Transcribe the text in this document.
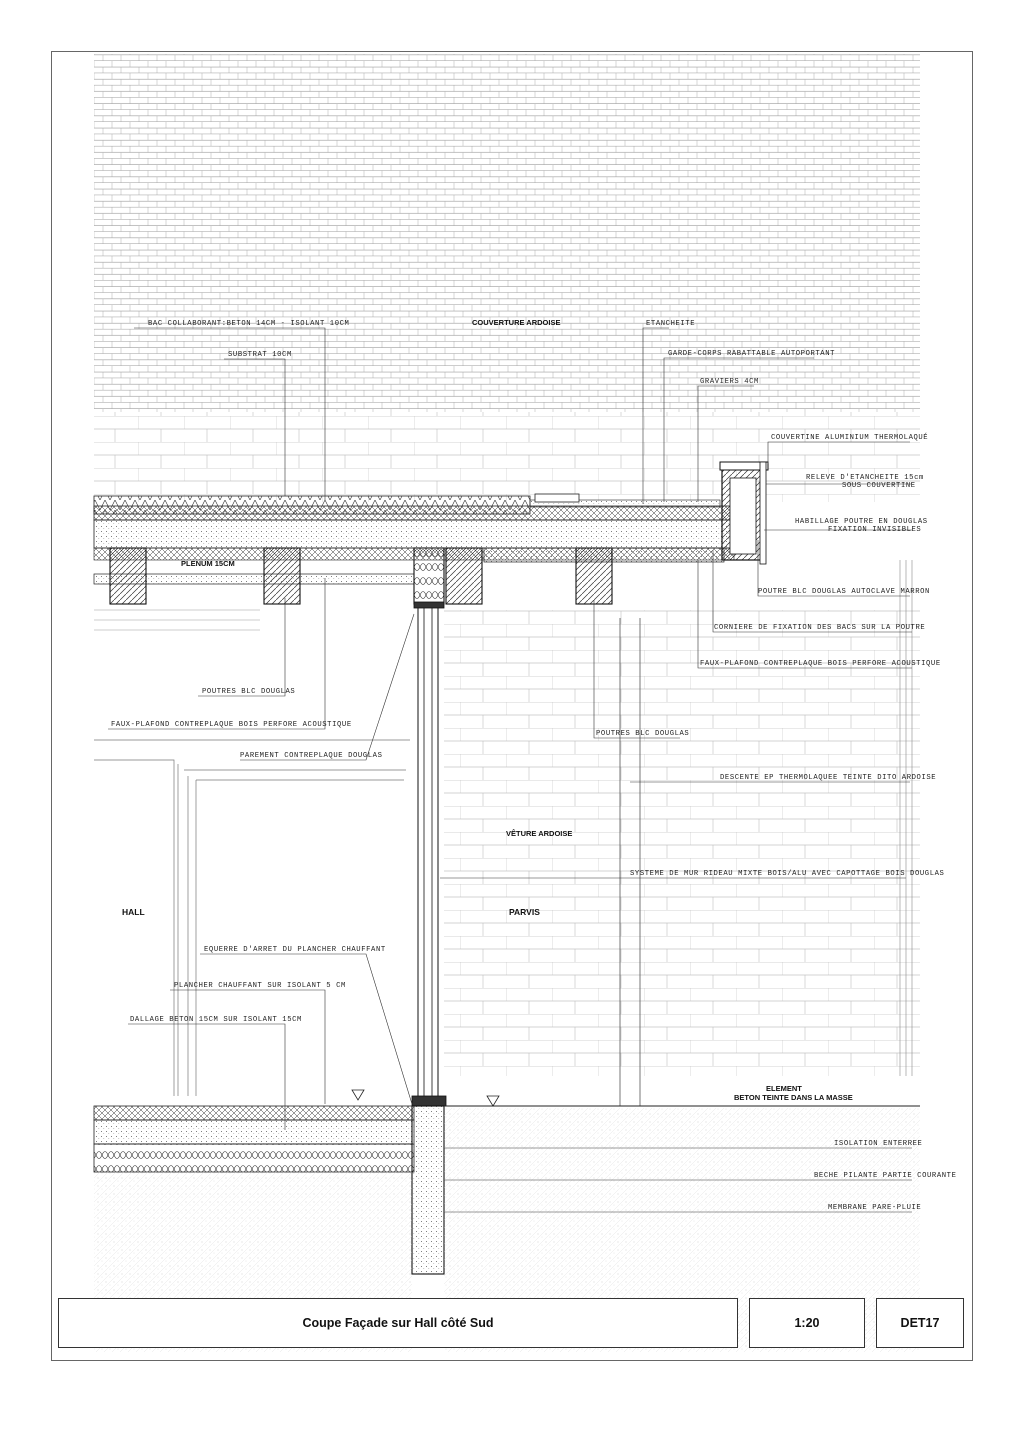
HALL	PARVIS
PLENUM 15CM
COUVERTURE ARDOISE
VÊTURE ARDOISE
ELEMENT
BETON TEINTE DANS LA MASSE
BAC COLLABORANT:BETON 14CM - ISOLANT 10CM
SUBSTRAT 10CM
POUTRES BLC DOUGLAS
FAUX-PLAFOND CONTREPLAQUE BOIS PERFORE ACOUSTIQUE
PAREMENT CONTREPLAQUE DOUGLAS
EQUERRE D'ARRET DU PLANCHER CHAUFFANT
PLANCHER CHAUFFANT SUR ISOLANT 5 CM
DALLAGE BETON 15CM SUR ISOLANT 15CM
ETANCHEITE
GARDE-CORPS RABATTABLE AUTOPORTANT
GRAVIERS 4CM
COUVERTINE ALUMINIUM THERMOLAQUÉ
RELEVE D'ETANCHEITE 15cm
SOUS COUVERTINE
HABILLAGE POUTRE EN DOUGLAS
FIXATION INVISIBLES
POUTRE BLC DOUGLAS AUTOCLAVE MARRON
CORNIERE DE FIXATION DES BACS SUR LA POUTRE
FAUX-PLAFOND CONTREPLAQUE BOIS PERFORE ACOUSTIQUE
POUTRES BLC DOUGLAS
DESCENTE EP THERMOLAQUEE TEINTE DITO ARDOISE
SYSTEME DE MUR RIDEAU MIXTE BOIS/ALU AVEC CAPOTTAGE BOIS DOUGLAS
ISOLATION ENTERREE
BECHE PILANTE PARTIE COURANTE
MEMBRANE PARE-PLUIE
Coupe Façade sur Hall côté Sud	1:20	DET17
